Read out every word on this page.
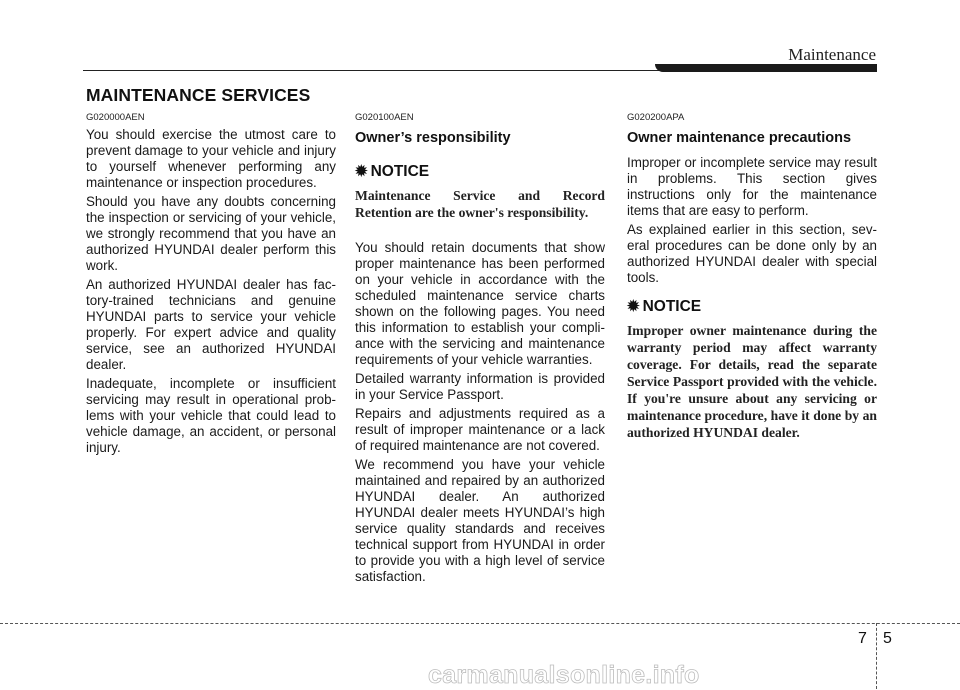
Maintenance
MAINTENANCE SERVICES
G020000AEN

You should exercise the utmost care to prevent damage to your vehicle and injury to yourself whenever performing any maintenance or inspection procedures.

Should you have any doubts concerning the inspection or servicing of your vehicle, we strongly recommend that you have an authorized HYUNDAI dealer perform this work.

An authorized HYUNDAI dealer has factory-trained technicians and genuine HYUNDAI parts to service your vehicle properly. For expert advice and quality service, see an authorized HYUNDAI dealer.

Inadequate, incomplete or insufficient servicing may result in operational problems with your vehicle that could lead to vehicle damage, an accident, or personal injury.

G020100AEN
Owner’s responsibility
✹ NOTICE

Maintenance Service and Record Retention are the owner's responsibility.

You should retain documents that show proper maintenance has been performed on your vehicle in accordance with the scheduled maintenance service charts shown on the following pages. You need this information to establish your compliance with the servicing and maintenance requirements of your vehicle warranties.

Detailed warranty information is provided in your Service Passport.

Repairs and adjustments required as a result of improper maintenance or a lack of required maintenance are not covered.

We recommend you have your vehicle maintained and repaired by an authorized HYUNDAI dealer. An authorized HYUNDAI dealer meets HYUNDAI’s high service quality standards and receives technical support from HYUNDAI in order to provide you with a high level of service satisfaction.

G020200APA
Owner maintenance precautions

Improper or incomplete service may result in problems. This section gives instructions only for the maintenance items that are easy to perform.

As explained earlier in this section, several procedures can be done only by an authorized HYUNDAI dealer with special tools.

✹ NOTICE

Improper owner maintenance during the warranty period may affect warranty coverage. For details, read the separate Service Passport provided with the vehicle. If you're unsure about any servicing or maintenance procedure, have it done by an authorized HYUNDAI dealer.

7 5
carmanualsonline.info
